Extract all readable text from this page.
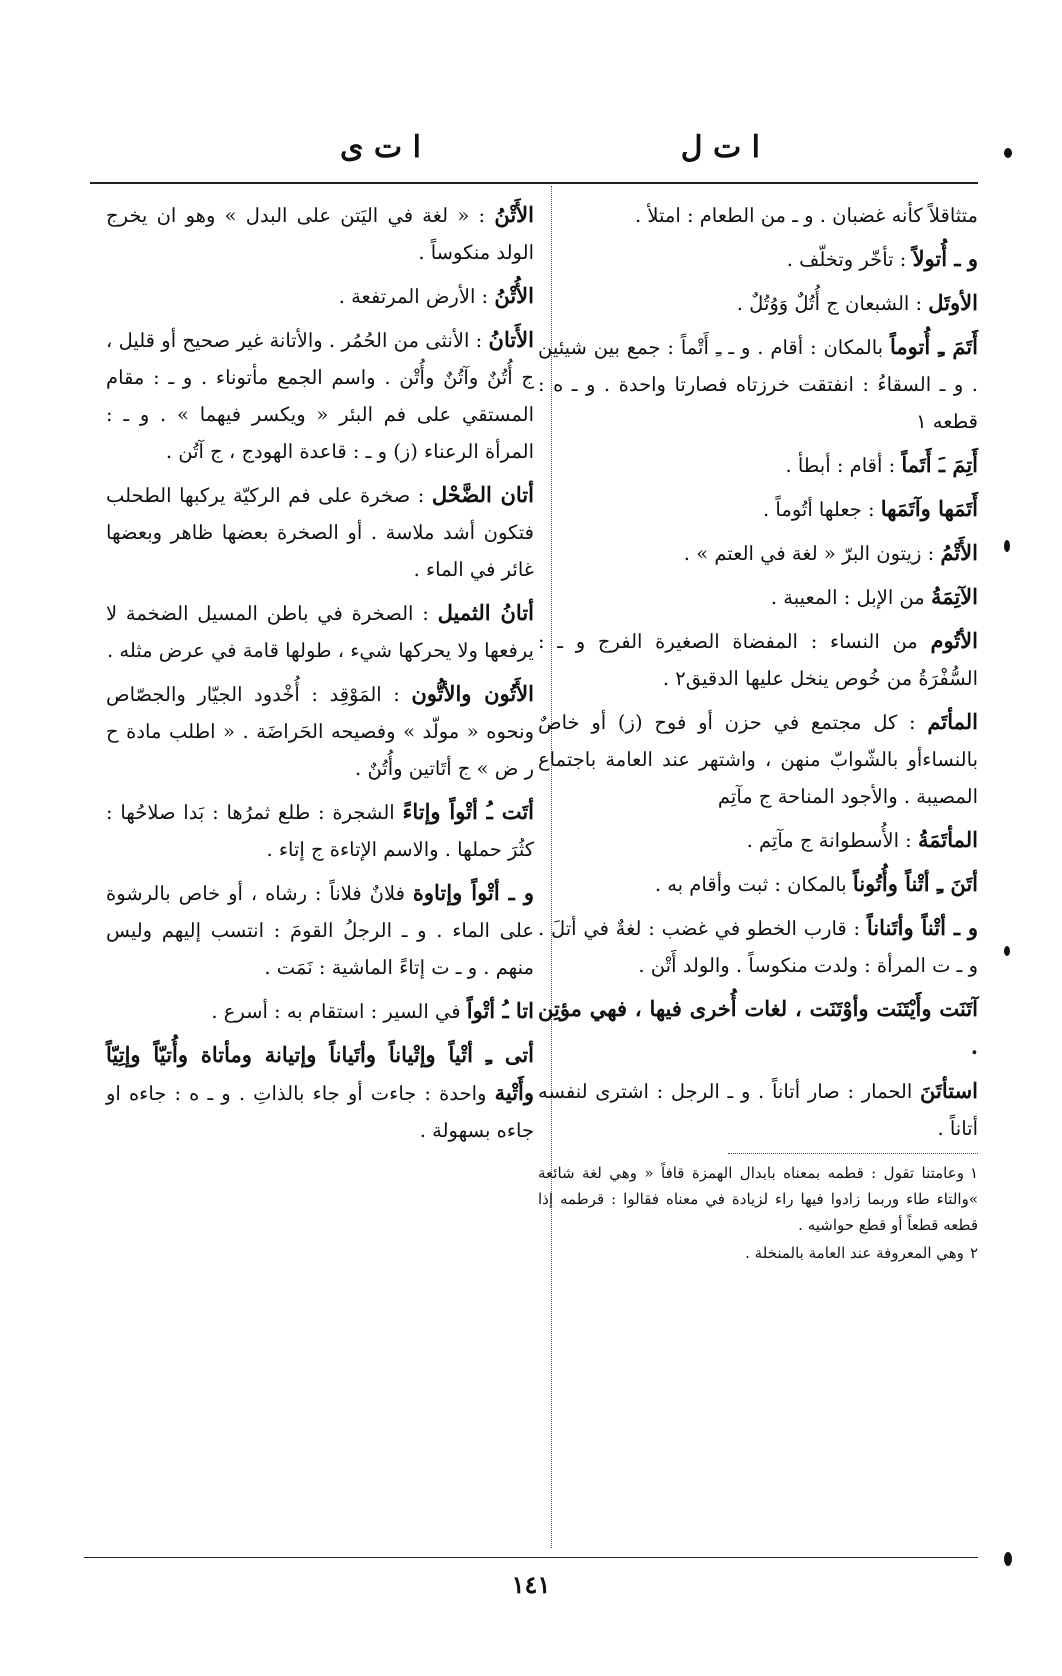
ا ت ل
ا ت ى

متثاقلاً كأنه غضبان . و ـ من الطعام : امتلأ .

و ـ أُتولاً : تأخّر وتخلّف .

الأوتَل : الشبعان ج أُتُلٌ وَوُتُلٌ .

أَتَمَ ـِ أُتوماً بالمكان : أقام . و ـ ـِ أَتْماً : جمع بين شيئين . و ـ السقاءُ : انفتقت خرزتاه فصارتا واحدة . و ـ ه : قطعه ١

أَتِمَ ـَ أَتَماً : أقام : أبطأ .

أَتَمَها وآتَمَها : جعلها أتُوماً .

الأَتْمُ : زيتون البرّ « لغة في العتم » .

الآتِمَةُ من الإبل : المعيبة .

الأتُوم من النساء : المفضاة الصغيرة الفرج و ـ : السُّفْرَةُ من خُوص ينخل عليها الدقيق٢ .

المأتَم : كل مجتمع في حزن أو فوح (ز) أو خاصٌ بالنساءأو بالشّوابّ منهن ، واشتهر عند العامة باجتماع المصيبة . والأجود المناحة ج مآتِم

المأتَمَةُ : الأُسطوانة ج مآتِم .

أتَنَ ـِ أتْناً وأُتُوناً بالمكان : ثبت وأقام به .

و ـ أتْناً وأتَناناً : قارب الخطو في غضب : لغةٌ في أتلَ . و ـ ت المرأة : ولدت منكوساً . والولد أَتْن .

آتَنَت وأَيْتَنَت وأوْتَنَت ، لغات أُخرى فيها ، فهي مؤتِن .

استأتَنَ الحمار : صار أتاناً . و ـ الرجل : اشترى لنفسه أتاناً .

١وعامتنا تقول : قطمه بمعناه بابدال الهمزة قافاً « وهي لغة شائعة »والتاء طاء وربما زادوا فيها راء لزيادة في معناه فقالوا : قرطمه إذا قطعه قطعاً أو قطع حواشيه .

٢وهي المعروفة عند العامة بالمنخلة .

الأَتْنُ : « لغة في اليَتن على البدل » وهو ان يخرج الولد منكوساً .

الأُتْنُ : الأرض المرتفعة .

الأَتانُ : الأنثى من الحُمُر . والأتانة غير صحيح أو قليل ، ج أُتُنٌ وآتُنٌ وأُتْن . واسم الجمع مأتوناء . و ـ : مقام المستقي على فم البئر « ويكسر فيهما » . و ـ : المرأة الرعناء (ز) و ـ : قاعدة الهودج ، ج آتُن .

أتان الضَّحْل : صخرة على فم الركيّة يركبها الطحلب فتكون أشد ملاسة . أو الصخرة بعضها ظاهر وبعضها غائر في الماء .

أتانُ الثميل : الصخرة في باطن المسيل الضخمة لا يرفعها ولا يحركها شيء ، طولها قامة في عرض مثله .

الأَتُون والأتُّون : المَوْقِد : أُخْدود الجيّار والجصّاص ونحوه « مولّد » وفصيحه الحَراضَة . « اطلب مادة ح ر ض » ج أتَاتين وأُتُنٌ .

أتَت ـُ أتْواً وإتاءً الشجرة : طلع ثمرُها : بَدا صلاحُها : كثُرَ حملها . والاسم الإتاءة ج إتاء .

و ـ أتْواً وإتاوة فلانٌ فلاناً : رشاه ، أو خاص بالرشوة على الماء . و ـ الرجلُ القومَ : انتسب إليهم وليس منهم . و ـ ت إتاءً الماشية : نَمَت .

اتا ـُ أتْواً في السير : استقام به : أسرع .

أتى ـِ أتْياً وإتْياناً وأتَياناً وإتيانة ومأتاة وأُتيّاً وإتِيّاً وأَتْية واحدة : جاءت أو جاء بالذاتِ . و ـ ه : جاءه او جاءه بسهولة .

١٤١
